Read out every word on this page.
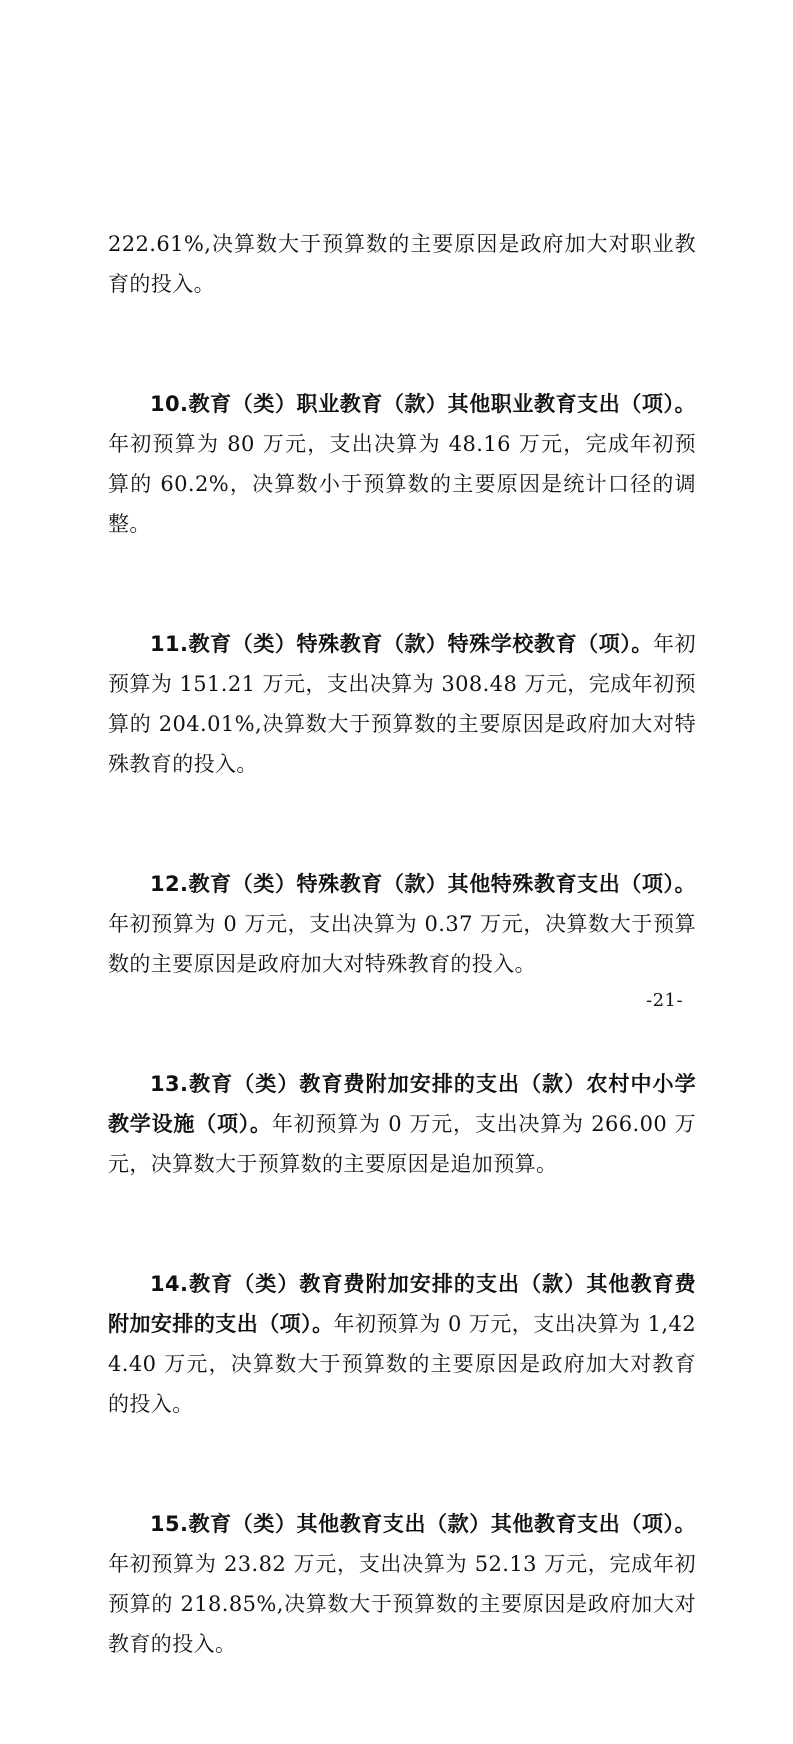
222.61%,决算数大于预算数的主要原因是政府加大对职业教育的投入。

10.教育（类）职业教育（款）其他职业教育支出（项）。年初预算为 80 万元，支出决算为 48.16 万元，完成年初预算的 60.2%，决算数小于预算数的主要原因是统计口径的调整。

11.教育（类）特殊教育（款）特殊学校教育（项）。年初预算为 151.21 万元，支出决算为 308.48 万元，完成年初预算的 204.01%,决算数大于预算数的主要原因是政府加大对特殊教育的投入。

12.教育（类）特殊教育（款）其他特殊教育支出（项）。年初预算为 0 万元，支出决算为 0.37 万元，决算数大于预算数的主要原因是政府加大对特殊教育的投入。

13.教育（类）教育费附加安排的支出（款）农村中小学教学设施（项）。年初预算为 0 万元，支出决算为 266.00 万元，决算数大于预算数的主要原因是追加预算。

14.教育（类）教育费附加安排的支出（款）其他教育费附加安排的支出（项）。年初预算为 0 万元，支出决算为 1,424.40 万元，决算数大于预算数的主要原因是政府加大对教育的投入。

15.教育（类）其他教育支出（款）其他教育支出（项）。年初预算为 23.82 万元，支出决算为 52.13 万元，完成年初预算的 218.85%,决算数大于预算数的主要原因是政府加大对教育的投入。

-21-
